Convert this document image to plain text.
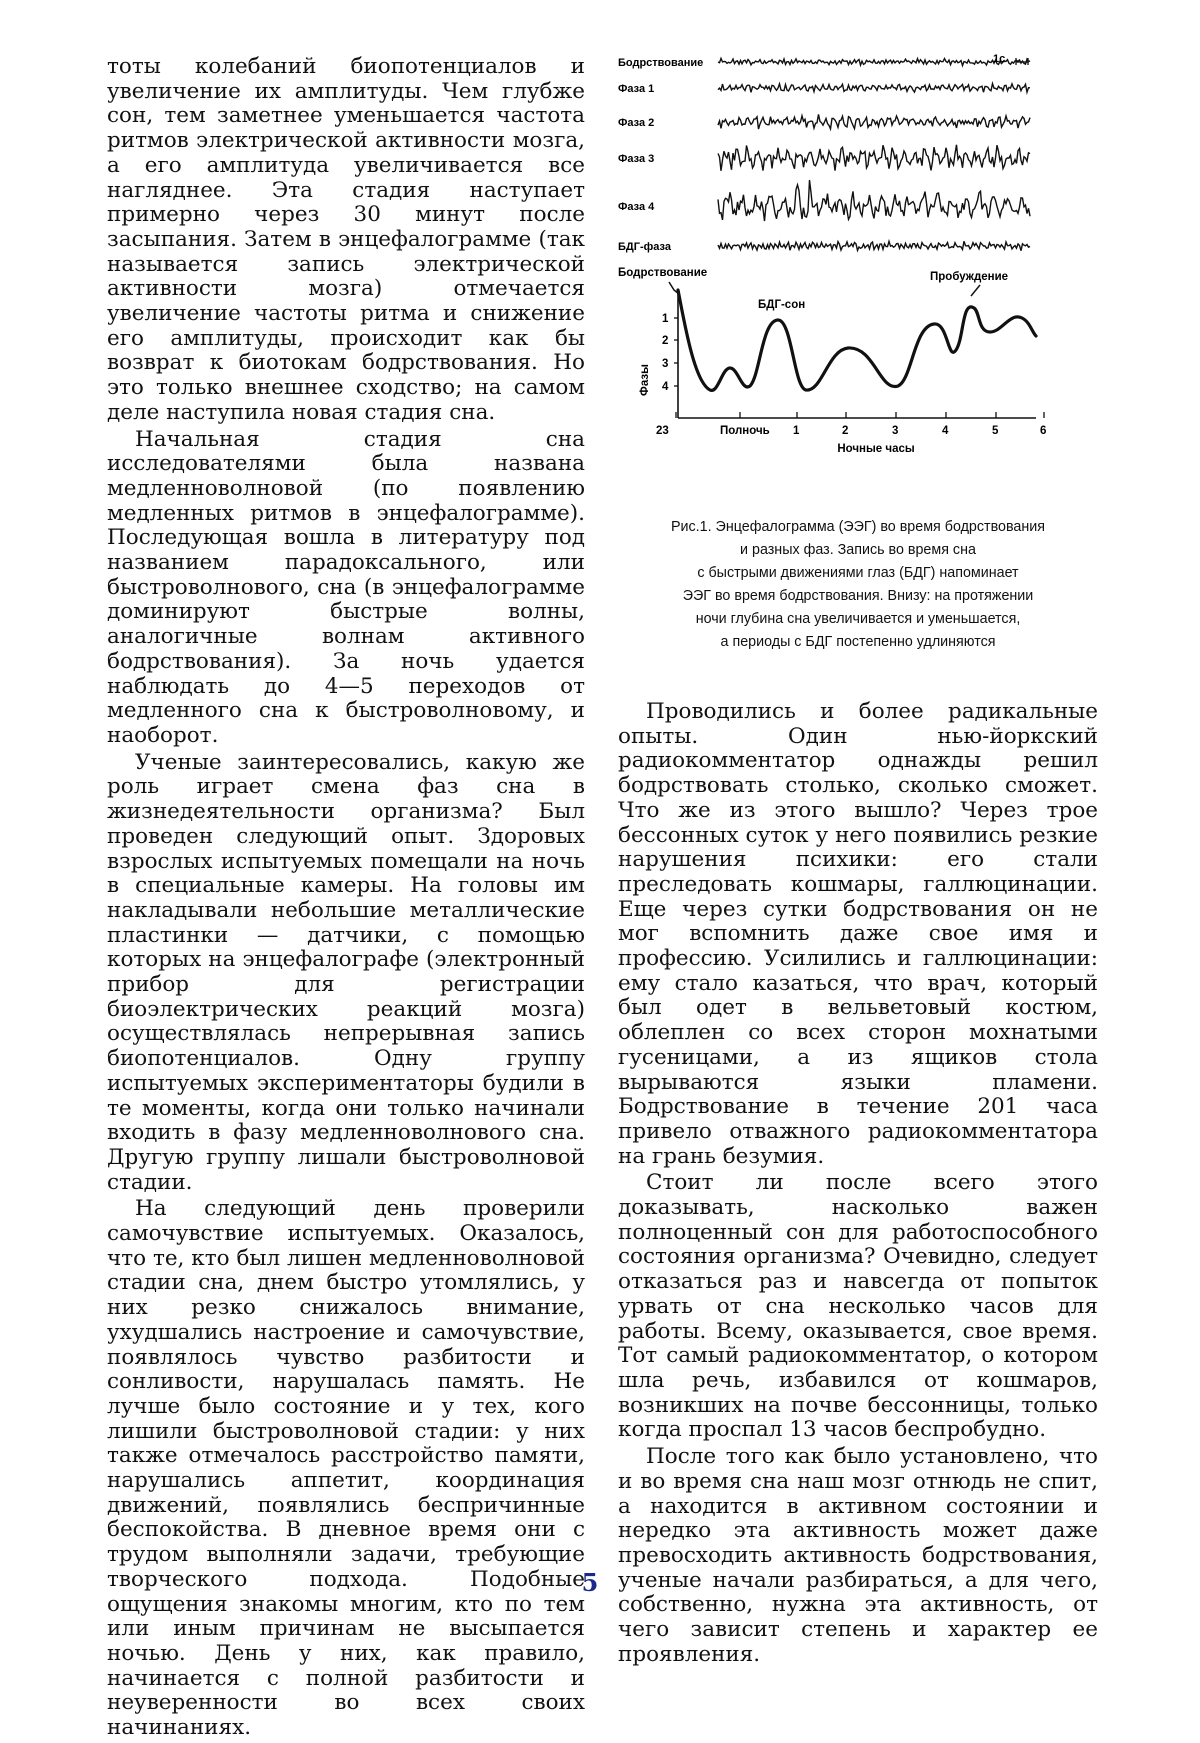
тоты колебаний биопотенциалов и увеличение их амплитуды. Чем глубже сон, тем заметнее уменьшается частота ритмов электрической активности мозга, а его амплитуда увеличивается все нагляднее. Эта стадия наступает примерно через 30 минут после засыпания. Затем в энцефалограмме (так называется запись электрической активности мозга) отмечается увеличение частоты ритма и снижение его амплитуды, происходит как бы возврат к биотокам бодрствования. Но это только внешнее сходство; на самом деле наступила новая стадия сна.

Начальная стадия сна исследователями была названа медленноволновой (по появлению медленных ритмов в энцефалограмме). Последующая вошла в литературу под названием парадоксального, или быстроволнового, сна (в энцефалограмме доминируют быстрые волны, аналогичные волнам активного бодрствования). За ночь удается наблюдать до 4—5 переходов от медленного сна к быстроволновому, и наоборот.

Ученые заинтересовались, какую же роль играет смена фаз сна в жизнедеятельности организма? Был проведен следующий опыт. Здоровых взрослых испытуемых помещали на ночь в специальные камеры. На головы им накладывали небольшие металлические пластинки — датчики, с помощью которых на энцефалографе (электронный прибор для регистрации биоэлектрических реакций мозга) осуществлялась непрерывная запись биопотенциалов. Одну группу испытуемых экспериментаторы будили в те моменты, когда они только начинали входить в фазу медленноволнового сна. Другую группу лишали быстроволновой стадии.

На следующий день проверили самочувствие испытуемых. Оказалось, что те, кто был лишен медленноволновой стадии сна, днем быстро утомлялись, у них резко снижалось внимание, ухудшались настроение и самочувствие, появлялось чувство разбитости и сонливости, нарушалась память. Не лучше было состояние и у тех, кого лишили быстроволновой стадии: у них также отмечалось расстройство памяти, нарушались аппетит, координация движений, появлялись беспричинные беспокойства. В дневное время они с трудом выполняли задачи, требующие творческого подхода. Подобные ощущения знакомы многим, кто по тем или иным причинам не высыпается ночью. День у них, как правило, начинается с полной разбитости и неуверенности во всех своих начинаниях.

Бодрствование
Фаза 1
Фаза 2
Фаза 3
Фаза 4
БДГ-фаза
1с
Бодрствование	Пробуждение
БДГ-сон
Фазы
1
2
3
4
23	Полночь 1	2	3	4	5	6
Ночные часы
Рис.1. Энцефалограмма (ЭЭГ) во время бодрствования
и разных фаз. Запись во время сна
с быстрыми движениями глаз (БДГ) напоминает
ЭЭГ во время бодрствования. Внизу: на протяжении
ночи глубина сна увеличивается и уменьшается,
а периоды с БДГ постепенно удлиняются

Проводились и более радикальные опыты. Один нью-йоркский радиокомментатор однажды решил бодрствовать столько, сколько сможет. Что же из этого вышло? Через трое бессонных суток у него появились резкие нарушения психики: его стали преследовать кошмары, галлюцинации. Еще через сутки бодрствования он не мог вспомнить даже свое имя и профессию. Усилились и галлюцинации: ему стало казаться, что врач, который был одет в вельветовый костюм, облеплен со всех сторон мохнатыми гусеницами, а из ящиков стола вырываются языки пламени. Бодрствование в течение 201 часа привело отважного радиокомментатора на грань безумия.

Стоит ли после всего этого доказывать, насколько важен полноценный сон для работоспособного состояния организма? Очевидно, следует отказаться раз и навсегда от попыток урвать от сна несколько часов для работы. Всему, оказывается, свое время. Тот самый радиокомментатор, о котором шла речь, избавился от кошмаров, возникших на почве бессонницы, только когда проспал 13 часов беспробудно.

После того как было установлено, что и во время сна наш мозг отнюдь не спит, а находится в активном состоянии и нередко эта активность может даже превосходить активность бодрствования, ученые начали разбираться, а для чего, собственно, нужна эта активность, от чего зависит степень и характер ее проявления.

5
